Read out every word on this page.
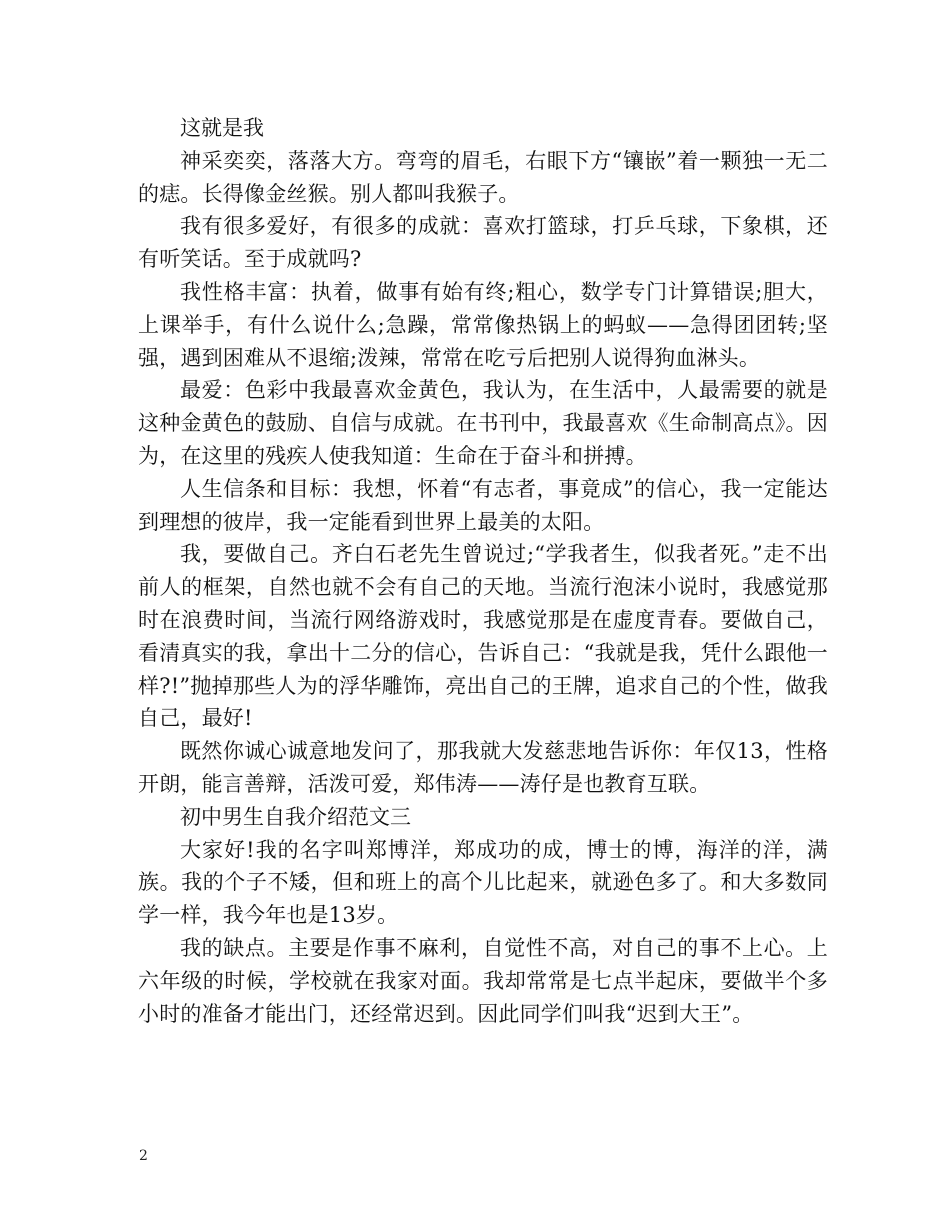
这就是我

神采奕奕，落落大方。弯弯的眉毛，右眼下方“镶嵌”着一颗独一无二的痣。长得像金丝猴。别人都叫我猴子。

我有很多爱好，有很多的成就：喜欢打篮球，打乒乓球，下象棋，还有听笑话。至于成就吗?

我性格丰富：执着，做事有始有终;粗心，数学专门计算错误;胆大，上课举手，有什么说什么;急躁，常常像热锅上的蚂蚁——急得团团转;坚强，遇到困难从不退缩;泼辣，常常在吃亏后把别人说得狗血淋头。

最爱：色彩中我最喜欢金黄色，我认为，在生活中，人最需要的就是这种金黄色的鼓励、自信与成就。在书刊中，我最喜欢《生命制高点》。因为，在这里的残疾人使我知道：生命在于奋斗和拼搏。

人生信条和目标：我想，怀着“有志者，事竟成”的信心，我一定能达到理想的彼岸，我一定能看到世界上最美的太阳。

我，要做自己。齐白石老先生曾说过;“学我者生，似我者死。”走不出前人的框架，自然也就不会有自己的天地。当流行泡沫小说时，我感觉那时在浪费时间，当流行网络游戏时，我感觉那是在虚度青春。要做自己，看清真实的我，拿出十二分的信心，告诉自己：“我就是我，凭什么跟他一样?!”抛掉那些人为的浮华雕饰，亮出自己的王牌，追求自己的个性，做我自己，最好!

既然你诚心诚意地发问了，那我就大发慈悲地告诉你：年仅13，性格开朗，能言善辩，活泼可爱，郑伟涛——涛仔是也教育互联。

初中男生自我介绍范文三

大家好!我的名字叫郑博洋，郑成功的成，博士的博，海洋的洋，满族。我的个子不矮，但和班上的高个儿比起来，就逊色多了。和大多数同学一样，我今年也是13岁。

我的缺点。主要是作事不麻利，自觉性不高，对自己的事不上心。上六年级的时候，学校就在我家对面。我却常常是七点半起床，要做半个多小时的准备才能出门，还经常迟到。因此同学们叫我“迟到大王”。

2
